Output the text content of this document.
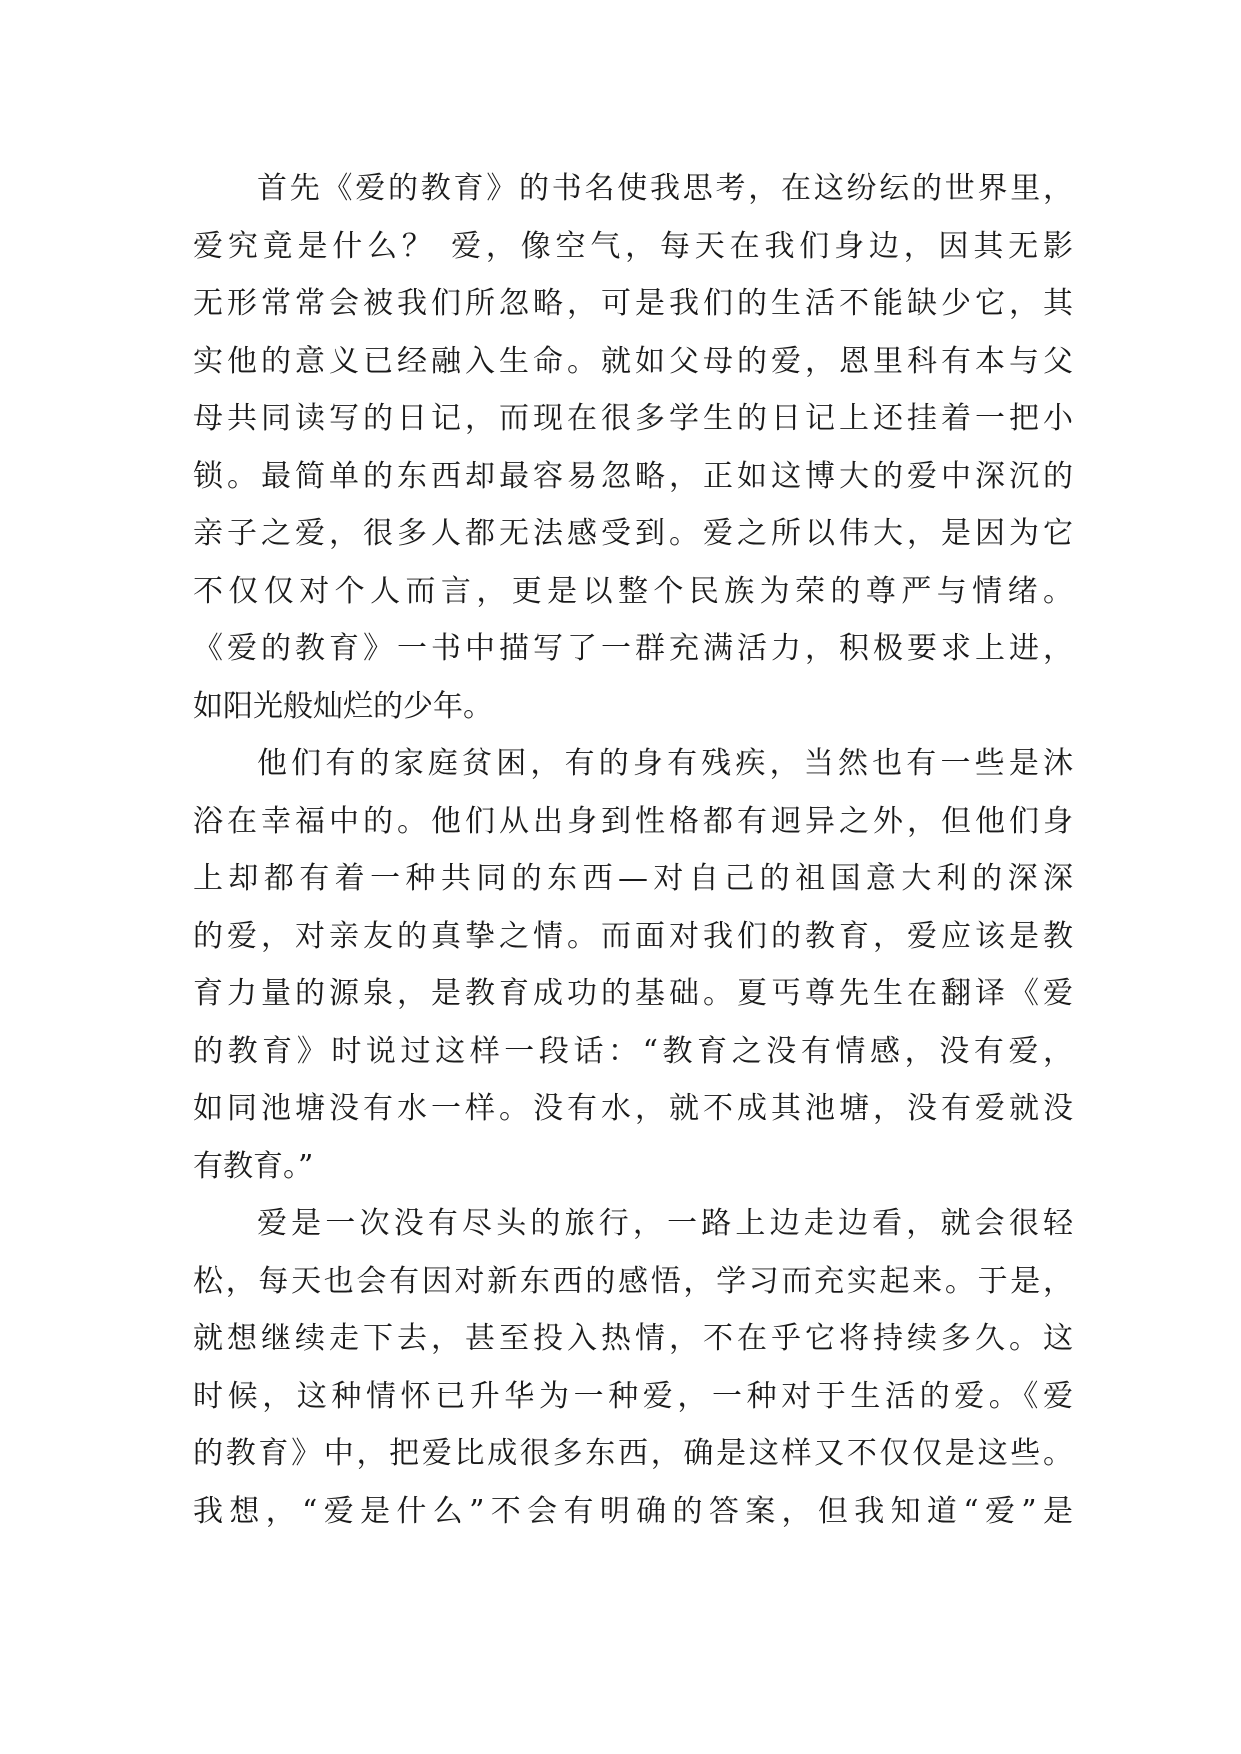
首先《爱的教育》的书名使我思考，在这纷纭的世界里，
爱究竟是什么？ 爱，像空气，每天在我们身边，因其无影
无形常常会被我们所忽略，可是我们的生活不能缺少它，其
实他的意义已经融入生命。就如父母的爱，恩里科有本与父
母共同读写的日记，而现在很多学生的日记上还挂着一把小
锁。最简单的东西却最容易忽略，正如这博大的爱中深沉的
亲子之爱，很多人都无法感受到。爱之所以伟大，是因为它
不仅仅对个人而言，更是以整个民族为荣的尊严与情绪。
《爱的教育》一书中描写了一群充满活力，积极要求上进，
如阳光般灿烂的少年。
他们有的家庭贫困，有的身有残疾，当然也有一些是沐
浴在幸福中的。他们从出身到性格都有迥异之外，但他们身
上却都有着一种共同的东西—对自己的祖国意大利的深深
的爱，对亲友的真挚之情。而面对我们的教育，爱应该是教
育力量的源泉，是教育成功的基础。夏丐尊先生在翻译《爱
的教育》时说过这样一段话：“教育之没有情感，没有爱，
如同池塘没有水一样。没有水，就不成其池塘，没有爱就没
有教育。”
爱是一次没有尽头的旅行，一路上边走边看，就会很轻
松，每天也会有因对新东西的感悟，学习而充实起来。于是，
就想继续走下去，甚至投入热情，不在乎它将持续多久。这
时候，这种情怀已升华为一种爱，一种对于生活的爱。《爱
的教育》中，把爱比成很多东西，确是这样又不仅仅是这些。
我想，“爱是什么”不会有明确的答案，但我知道“爱”是
